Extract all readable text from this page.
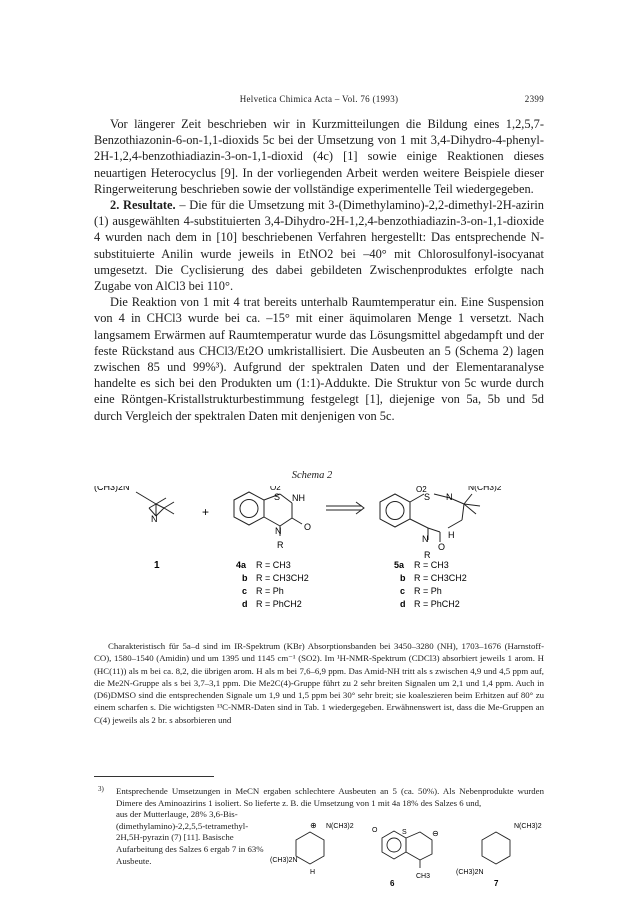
Helvetica Chimica Acta – Vol. 76 (1993)	2399

Vor längerer Zeit beschrieben wir in Kurzmitteilungen die Bildung eines 1,2,5,7-Benzothiazonin-6-on-1,1-dioxids 5c bei der Umsetzung von 1 mit 3,4-Dihydro-4-phenyl-2H-1,2,4-benzothiadiazin-3-on-1,1-dioxid (4c) [1] sowie einige Reaktionen dieses neuartigen Heterocyclus [9]. In der vorliegenden Arbeit werden weitere Beispiele dieser Ringerweiterung beschrieben sowie der vollständige experimentelle Teil wiedergegeben.

2. Resultate. – Die für die Umsetzung mit 3-(Dimethylamino)-2,2-dimethyl-2H-azirin (1) ausgewählten 4-substituierten 3,4-Dihydro-2H-1,2,4-benzothiadiazin-3-on-1,1-dioxide 4 wurden nach dem in [10] beschriebenen Verfahren hergestellt: Das entsprechende N-substituierte Anilin wurde jeweils in EtNO2 bei –40° mit Chlorosulfonyl-isocyanat umgesetzt. Die Cyclisierung des dabei gebildeten Zwischenproduktes erfolgte nach Zugabe von AlCl3 bei 110°.

Die Reaktion von 1 mit 4 trat bereits unterhalb Raumtemperatur ein. Eine Suspension von 4 in CHCl3 wurde bei ca. –15° mit einer äquimolaren Menge 1 versetzt. Nach langsamem Erwärmen auf Raumtemperatur wurde das Lösungsmittel abgedampft und der feste Rückstand aus CHCl3/Et2O umkristallisiert. Die Ausbeuten an 5 (Schema 2) lagen zwischen 85 und 99%³). Aufgrund der spektralen Daten und der Elementaranalyse handelte es sich bei den Produkten um (1:1)-Addukte. Die Struktur von 5c wurde durch eine Röntgen-Kristallstrukturbestimmung festgelegt [1], diejenige von 5a, 5b und 5d durch Vergleich der spektralen Daten mit denjenigen von 5c.

Schema 2
(CH3)2N
N	+
O2
S NH
N	O
R
O2
S N
N(CH3)2
N
O
H
R
1	4a R = CH3
b R = CH3CH2
c R = Ph
d R = PhCH2
5a R = CH3
b R = CH3CH2
c R = Ph
d R = PhCH2

Charakteristisch für 5a–d sind im IR-Spektrum (KBr) Absorptionsbanden bei 3450–3280 (NH), 1703–1676 (Harnstoff-CO), 1580–1540 (Amidin) und um 1395 und 1145 cm⁻¹ (SO2). Im ¹H-NMR-Spektrum (CDCl3) absorbiert jeweils 1 arom. H (HC(11)) als m bei ca. 8,2, die übrigen arom. H als m bei 7,6–6,9 ppm. Das Amid-NH tritt als s zwischen 4,9 und 4,5 ppm auf, die Me2N-Gruppe als s bei 3,7–3,1 ppm. Die Me2C(4)-Gruppe führt zu 2 sehr breiten Signalen um 2,1 und 1,4 ppm. Auch in (D6)DMSO sind die entsprechenden Signale um 1,9 und 1,5 ppm bei 30° sehr breit; sie koaleszieren beim Erhitzen auf 80° zu einem scharfen s. Die wichtigsten ¹³C-NMR-Daten sind in Tab. 1 wiedergegeben. Erwähnenswert ist, dass die Me-Gruppen an C(4) jeweils als 2 br. s absorbieren und

3) Entsprechende Umsetzungen in MeCN ergaben schlechtere Ausbeuten an 5 (ca. 50%). Als Nebenprodukte wurden Dimere des Aminoazirins 1 isoliert. So lieferte z. B. die Umsetzung von 1 mit 4a 18% des Salzes 6 und,
aus der Mutterlauge, 28% 3,6-Bis-(dimethylamino)-2,2,5,5-tetramethyl-2H,5H-pyrazin (7) [11]. Basische Aufarbeitung des Salzes 6 ergab 7 in 63% Ausbeute.	(CH3)2N
N(CH3)2
⊕
H
O	S	⊖
CH3
N(CH3)2
(CH3)2N
6	7
